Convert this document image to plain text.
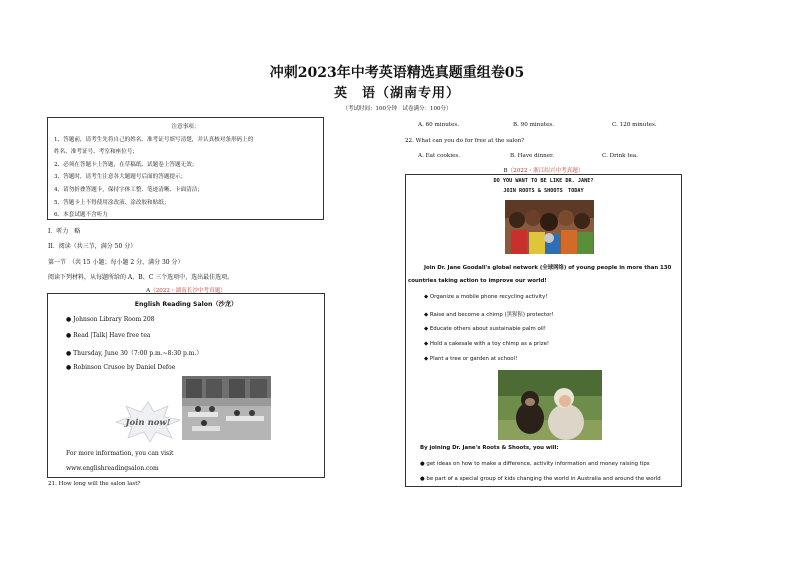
冲刺2023年中考英语精选真题重组卷05
英　语（湖南专用）
（考试时间：100分钟　试卷满分：100分）
注意事项：
1、答题前，请考生先将自己的姓名、准考证号填写清楚，并认真核对条形码上的
姓名、准考证号、考室和座位号；
2、必须在答题卡上答题，在草稿纸、试题卷上答题无效；
3、答题时，请考生注意各大题题号后面的答题提示；
4、请勿折叠答题卡，保持字体工整、笔迹清晰、卡面清洁；
5、答题卡上不得使用涂改液、涂改胶和贴纸；
6、本套试题不含听力
I．听力　略
II．阅读（共三节，满分 50 分）
第一节　（共 15 小题；每小题 2 分，满分 30 分）
阅读下列材料，从每题所给的 A、B、C 三个选项中，选出最佳选项。
A（2022・湖南长沙中考真题）
English Reading Salon（沙龙）
● Johnson Library Room 208
● Read |Talk| Have free tea
● Thursday, June 30（7:00 p.m.~8:30 p.m.）
● Robinson Crusoe by Daniel Defoe
Join now!
For more information, you can visit
www.englishreadingsalon.com
21. How long will the salon last?
A. 60 minutes.	B. 90 minutes.	C. 120 minutes.
22. What can you do for free at the salon?
A. Eat cookies.	B. Have dinner.	C. Drink tea.
B（2022・浙江绍兴中考真题）
DO YOU WANT TO BE LIKE DR. JANE?
JOIN ROOTS & SHOOTS　TODAY
Join Dr. Jane Goodall's global network (全球网络) of young people in more than 130
countries taking action to improve our world!
◆ Organize a mobile phone recycling activity!
◆ Raise and become a chimp (黑猩猩) protector!
◆ Educate others about sustainable palm oil!
◆ Hold a cakesale with a toy chimp as a prize!
◆ Plant a tree or garden at school!
By joining Dr. Jane's Roots & Shoots, you will:
● get ideas on how to make a difference, activity information and money raising tips
● be part of a special group of kids changing the world in Australia and around the world
